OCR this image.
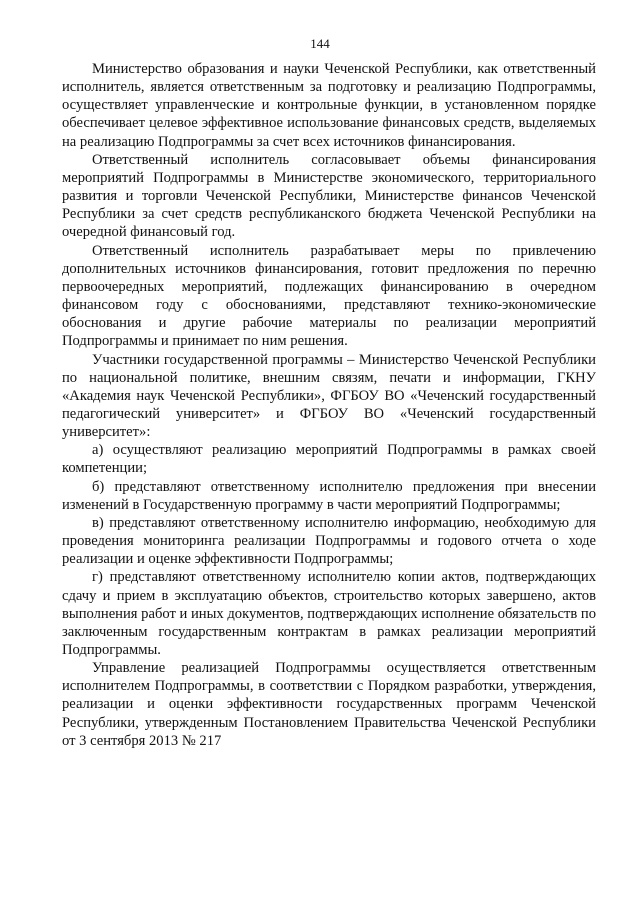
144

Министерство образования и науки Чеченской Республики, как ответственный исполнитель, является ответственным за подготовку и реализацию Подпрограммы, осуществляет управленческие и контрольные функции, в установленном порядке обеспечивает целевое эффективное использование финансовых средств, выделяемых на реализацию Подпрограммы за счет всех источников финансирования.

Ответственный исполнитель согласовывает объемы финансирования мероприятий Подпрограммы в Министерстве экономического, территориального развития и торговли Чеченской Республики, Министерстве финансов Чеченской Республики за счет средств республиканского бюджета Чеченской Республики на очередной финансовый год.

Ответственный исполнитель разрабатывает меры по привлечению дополнительных источников финансирования, готовит предложения по перечню первоочередных мероприятий, подлежащих финансированию в очередном финансовом году с обоснованиями, представляют технико-экономические обоснования и другие рабочие материалы по реализации мероприятий Подпрограммы и принимает по ним решения.

Участники государственной программы – Министерство Чеченской Республики по национальной политике, внешним связям, печати и информации, ГКНУ «Академия наук Чеченской Республики», ФГБОУ ВО «Чеченский государственный педагогический университет» и ФГБОУ ВО «Чеченский государственный университет»:

а) осуществляют реализацию мероприятий Подпрограммы в рамках своей компетенции;

б) представляют ответственному исполнителю предложения при внесении изменений в Государственную программу в части мероприятий Подпрограммы;

в) представляют ответственному исполнителю информацию, необходимую для проведения мониторинга реализации Подпрограммы и годового отчета о ходе реализации и оценке эффективности Подпрограммы;

г) представляют ответственному исполнителю копии актов, подтверждающих сдачу и прием в эксплуатацию объектов, строительство которых завершено, актов выполнения работ и иных документов, подтверждающих исполнение обязательств по заключенным государственным контрактам в рамках реализации мероприятий Подпрограммы.

Управление реализацией Подпрограммы осуществляется ответственным исполнителем Подпрограммы, в соответствии с Порядком разработки, утверждения, реализации и оценки эффективности государственных программ Чеченской Республики, утвержденным Постановлением Правительства Чеченской Республики от 3 сентября 2013 № 217
